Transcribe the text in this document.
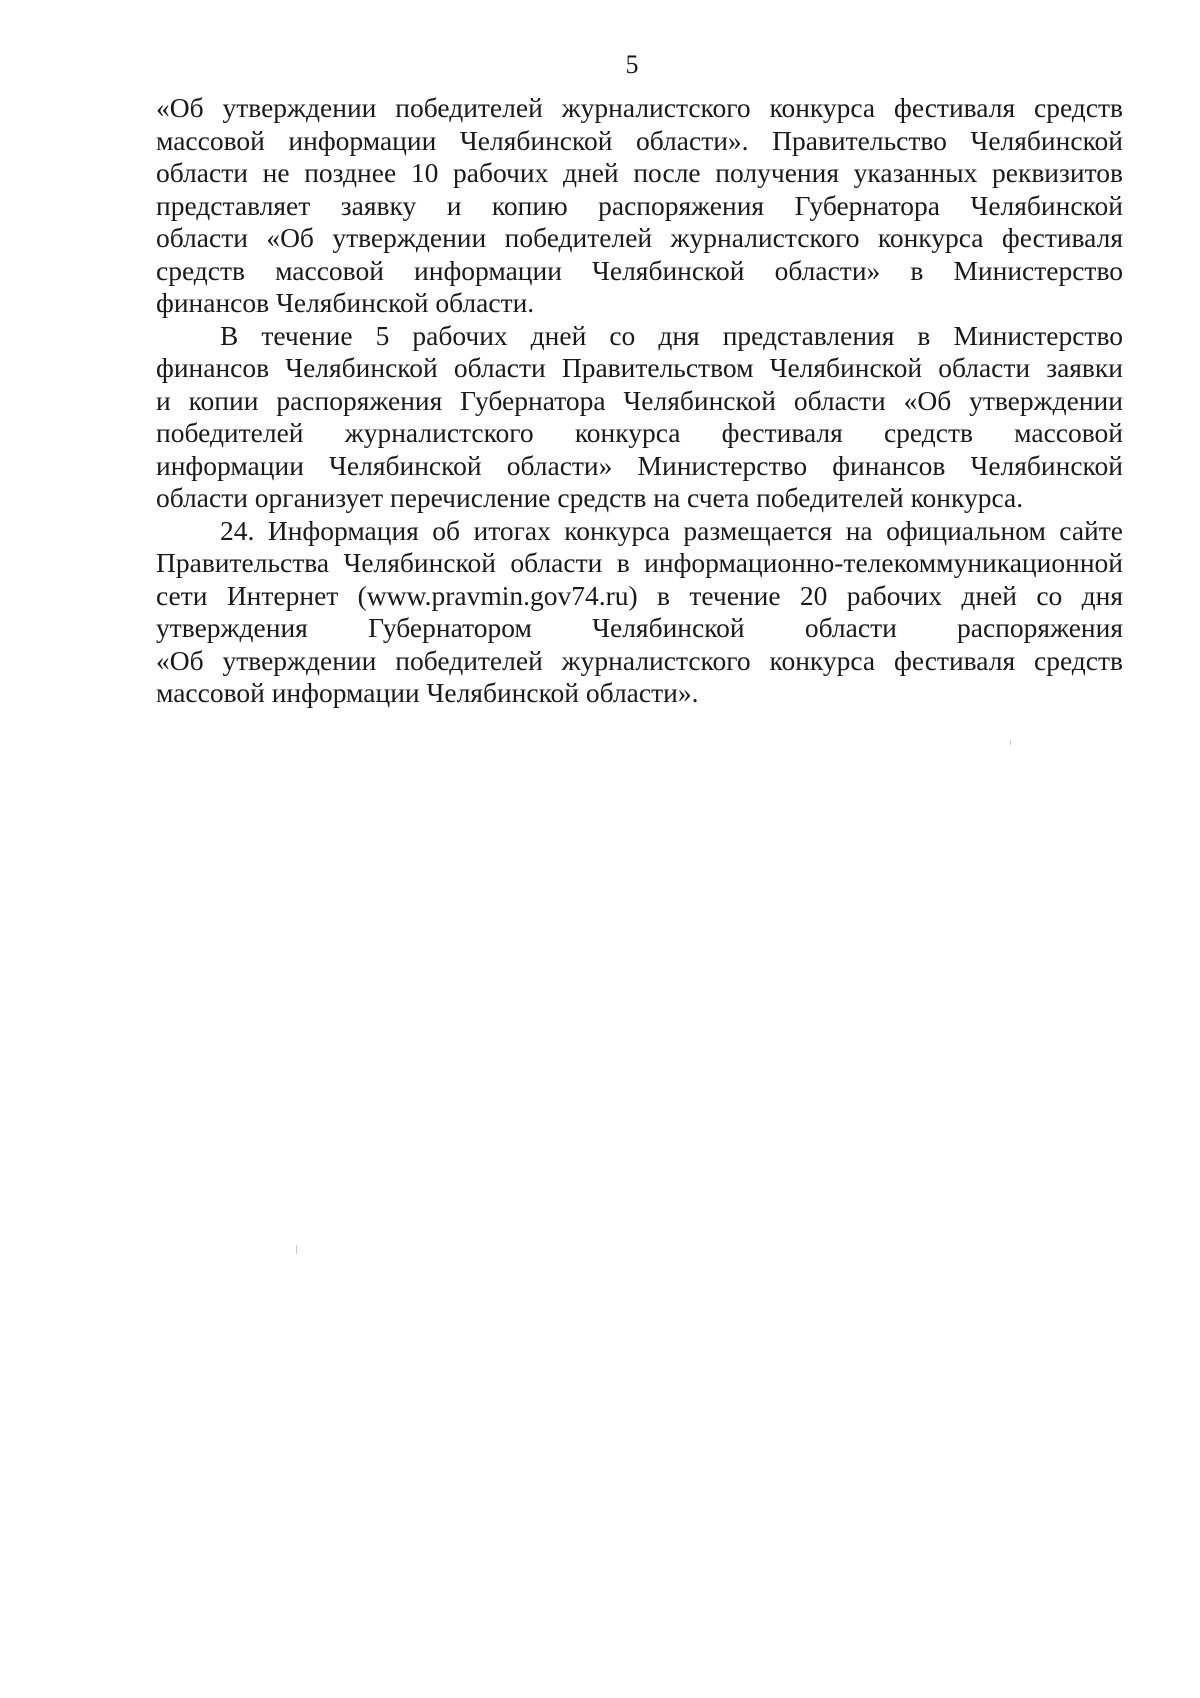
5

«Об утверждении победителей журналистского конкурса фестиваля средств
массовой информации Челябинской области». Правительство Челябинской
области не позднее 10 рабочих дней после получения указанных реквизитов
представляет заявку и копию распоряжения Губернатора Челябинской
области «Об утверждении победителей журналистского конкурса фестиваля
средств массовой информации Челябинской области» в Министерство
финансов Челябинской области.

В течение 5 рабочих дней со дня представления в Министерство
финансов Челябинской области Правительством Челябинской области заявки
и копии распоряжения Губернатора Челябинской области «Об утверждении
победителей журналистского конкурса фестиваля средств массовой
информации Челябинской области» Министерство финансов Челябинской
области организует перечисление средств на счета победителей конкурса.

24. Информация об итогах конкурса размещается на официальном сайте
Правительства Челябинской области в информационно-телекоммуникационной
сети Интернет (www.pravmin.gov74.ru) в течение 20 рабочих дней со дня
утверждения Губернатором Челябинской области распоряжения
«Об утверждении победителей журналистского конкурса фестиваля средств
массовой информации Челябинской области».
